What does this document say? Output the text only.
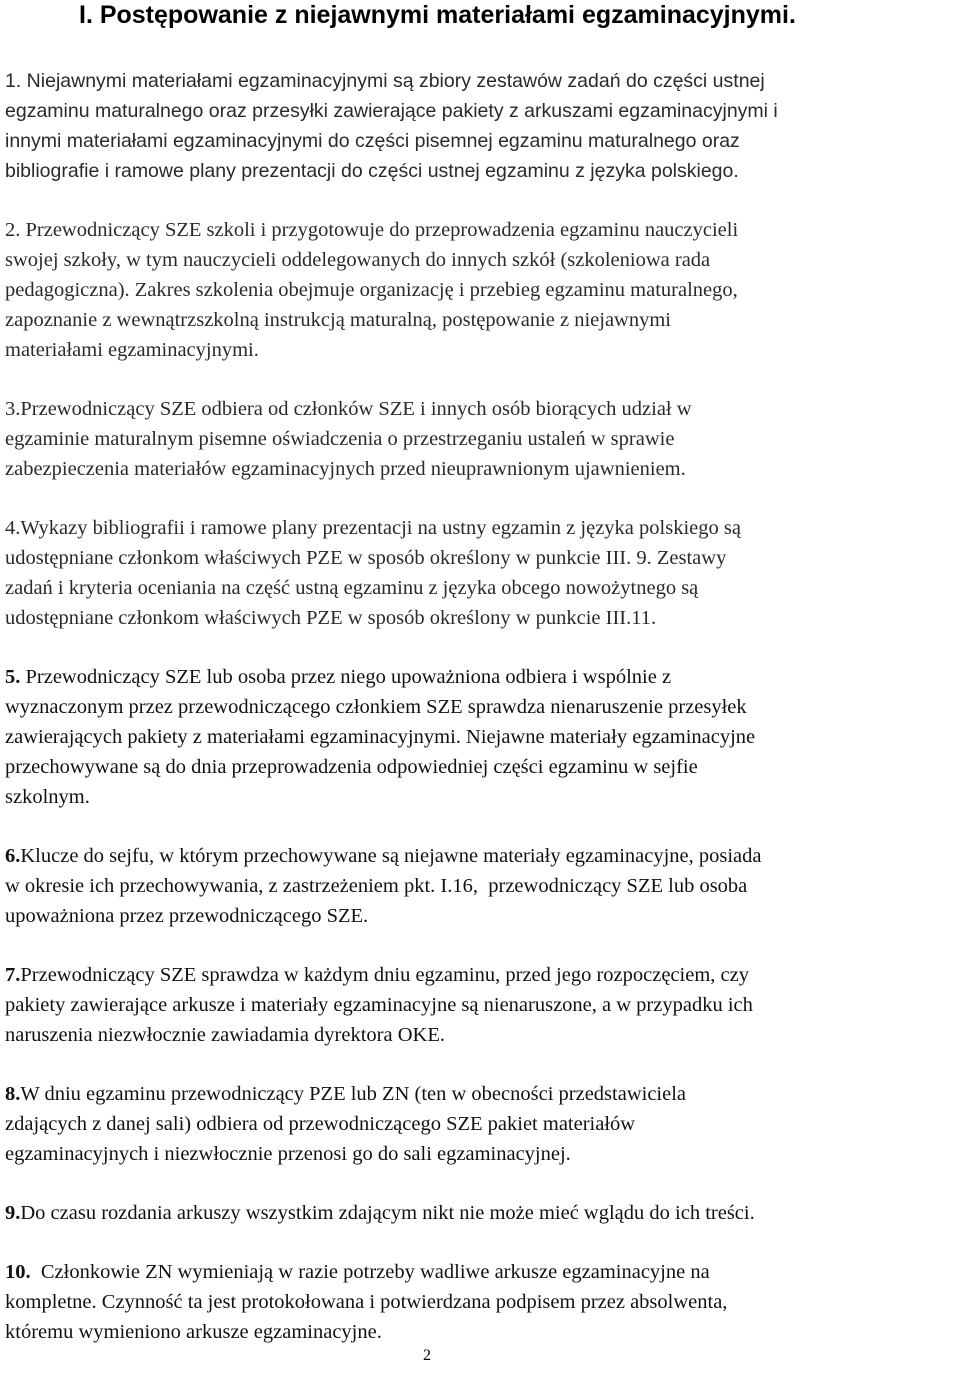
I. Postępowanie z niejawnymi materiałami egzaminacyjnymi.

1. Niejawnymi materiałami egzaminacyjnymi są zbiory zestawów zadań do części ustnej
egzaminu maturalnego oraz przesyłki zawierające pakiety z arkuszami egzaminacyjnymi i
innymi materiałami egzaminacyjnymi do części pisemnej egzaminu maturalnego oraz
bibliografie i ramowe plany prezentacji do części ustnej egzaminu z języka polskiego.

2. Przewodniczący SZE szkoli i przygotowuje do przeprowadzenia egzaminu nauczycieli
swojej szkoły, w tym nauczycieli oddelegowanych do innych szkół (szkoleniowa rada
pedagogiczna). Zakres szkolenia obejmuje organizację i przebieg egzaminu maturalnego,
zapoznanie z wewnątrzszkolną instrukcją maturalną, postępowanie z niejawnymi
materiałami egzaminacyjnymi.

3.Przewodniczący SZE odbiera od członków SZE i innych osób biorących udział w
egzaminie maturalnym pisemne oświadczenia o przestrzeganiu ustaleń w sprawie
zabezpieczenia materiałów egzaminacyjnych przed nieuprawnionym ujawnieniem.

4.Wykazy bibliografii i ramowe plany prezentacji na ustny egzamin z języka polskiego są
udostępniane członkom właściwych PZE w sposób określony w punkcie III. 9. Zestawy
zadań i kryteria oceniania na część ustną egzaminu z języka obcego nowożytnego są
udostępniane członkom właściwych PZE w sposób określony w punkcie III.11.

5. Przewodniczący SZE lub osoba przez niego upoważniona odbiera i wspólnie z
wyznaczonym przez przewodniczącego członkiem SZE sprawdza nienaruszenie przesyłek
zawierających pakiety z materiałami egzaminacyjnymi. Niejawne materiały egzaminacyjne
przechowywane są do dnia przeprowadzenia odpowiedniej części egzaminu w sejfie
szkolnym.

6.Klucze do sejfu, w którym przechowywane są niejawne materiały egzaminacyjne, posiada
w okresie ich przechowywania, z zastrzeżeniem pkt. I.16,  przewodniczący SZE lub osoba
upoważniona przez przewodniczącego SZE.

7.Przewodniczący SZE sprawdza w każdym dniu egzaminu, przed jego rozpoczęciem, czy
pakiety zawierające arkusze i materiały egzaminacyjne są nienaruszone, a w przypadku ich
naruszenia niezwłocznie zawiadamia dyrektora OKE.

8.W dniu egzaminu przewodniczący PZE lub ZN (ten w obecności przedstawiciela
zdających z danej sali) odbiera od przewodniczącego SZE pakiet materiałów
egzaminacyjnych i niezwłocznie przenosi go do sali egzaminacyjnej.

9.Do czasu rozdania arkuszy wszystkim zdającym nikt nie może mieć wglądu do ich treści.

10.  Członkowie ZN wymieniają w razie potrzeby wadliwe arkusze egzaminacyjne na
kompletne. Czynność ta jest protokołowana i potwierdzana podpisem przez absolwenta,
któremu wymieniono arkusze egzaminacyjne.

2
